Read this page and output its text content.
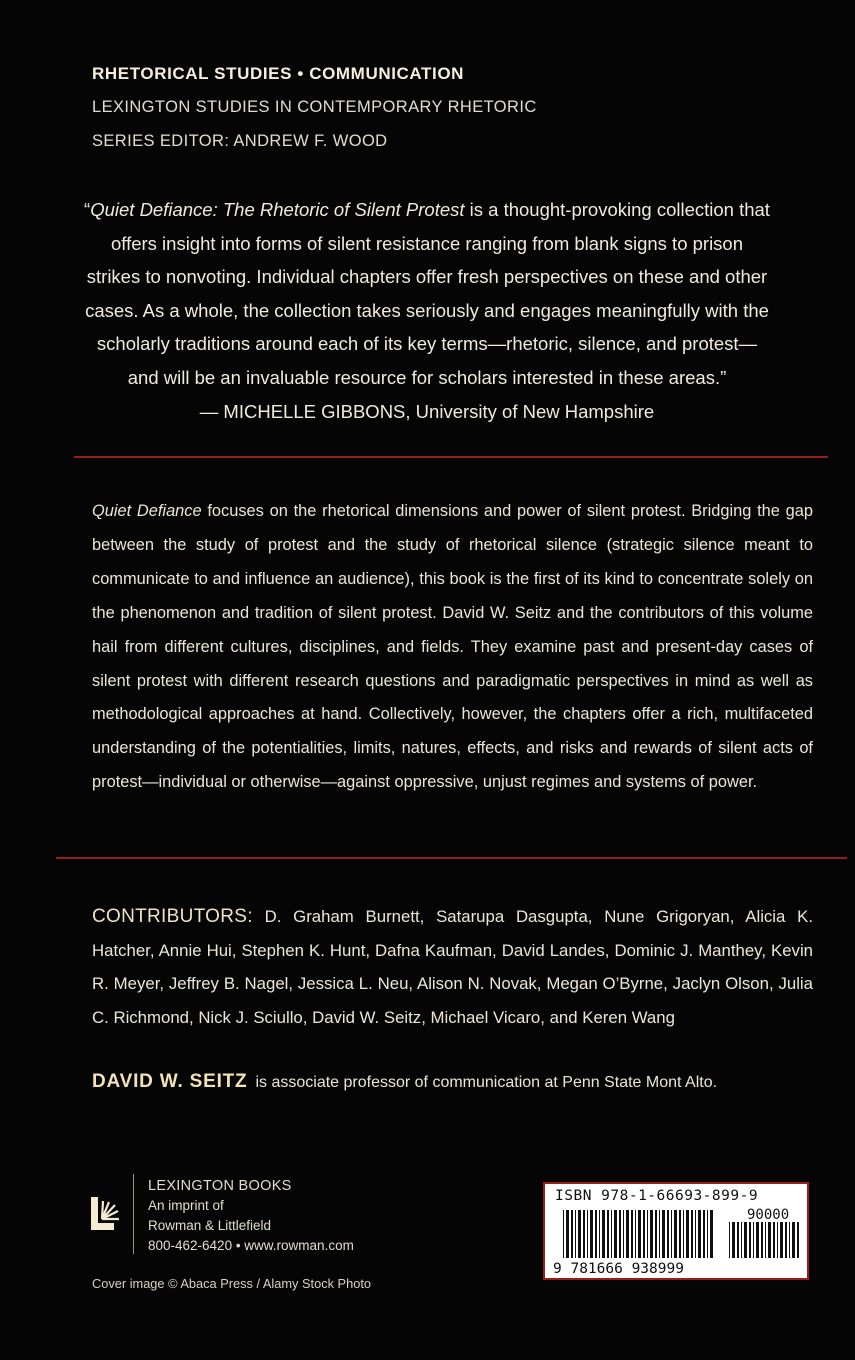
RHETORICAL STUDIES • COMMUNICATION
LEXINGTON STUDIES IN CONTEMPORARY RHETORIC
SERIES EDITOR: ANDREW F. WOOD
“Quiet Defiance: The Rhetoric of Silent Protest is a thought-provoking collection that offers insight into forms of silent resistance ranging from blank signs to prison strikes to nonvoting. Individual chapters offer fresh perspectives on these and other cases. As a whole, the collection takes seriously and engages meaningfully with the scholarly traditions around each of its key terms—rhetoric, silence, and protest—and will be an invaluable resource for scholars interested in these areas.”
— MICHELLE GIBBONS, University of New Hampshire
Quiet Defiance focuses on the rhetorical dimensions and power of silent protest. Bridging the gap between the study of protest and the study of rhetorical silence (strategic silence meant to communicate to and influence an audience), this book is the first of its kind to concentrate solely on the phenomenon and tradition of silent protest. David W. Seitz and the contributors of this volume hail from different cultures, disciplines, and fields. They examine past and present-day cases of silent protest with different research questions and paradigmatic perspectives in mind as well as methodological approaches at hand. Collectively, however, the chapters offer a rich, multifaceted understanding of the potentialities, limits, natures, effects, and risks and rewards of silent acts of protest—individual or otherwise—against oppressive, unjust regimes and systems of power.
CONTRIBUTORS: D. Graham Burnett, Satarupa Dasgupta, Nune Grigoryan, Alicia K. Hatcher, Annie Hui, Stephen K. Hunt, Dafna Kaufman, David Landes, Dominic J. Manthey, Kevin R. Meyer, Jeffrey B. Nagel, Jessica L. Neu, Alison N. Novak, Megan O’Byrne, Jaclyn Olson, Julia C. Richmond, Nick J. Sciullo, David W. Seitz, Michael Vicaro, and Keren Wang
DAVID W. SEITZ is associate professor of communication at Penn State Mont Alto.
LEXINGTON BOOKS
An imprint of
Rowman & Littlefield
800-462-6420 • www.rowman.com
Cover image © Abaca Press / Alamy Stock Photo
ISBN 978-1-66693-899-9
90000
9 781666 938999
